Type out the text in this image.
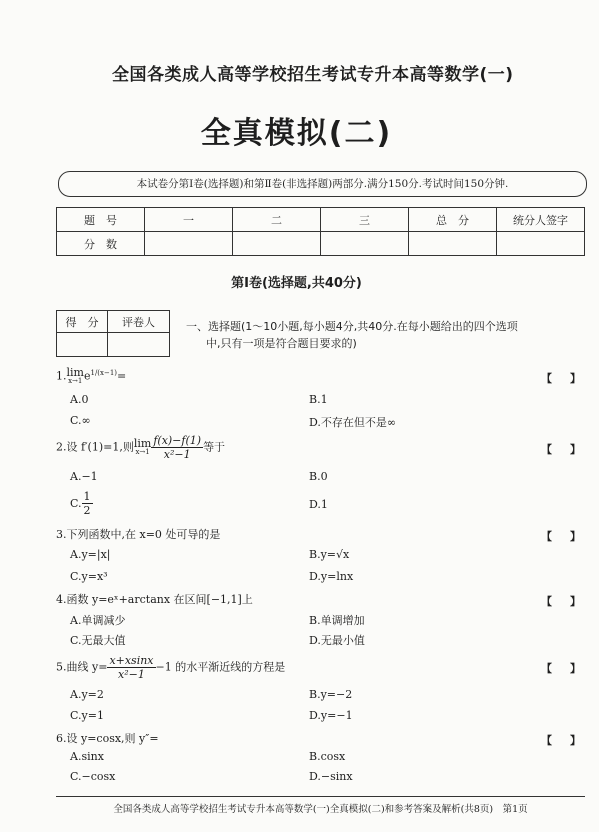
全国各类成人高等学校招生考试专升本高等数学(一)
全真模拟(二)
本试卷分第Ⅰ卷(选择题)和第Ⅱ卷(非选择题)两部分.满分150分.考试时间150分钟.
题　号	一	二	三	总　分	统分人签字
分　数					
第Ⅰ卷(选择题,共40分)
得　分	评卷人
		一、选择题(1～10小题,每小题4分,共40分.在每小题给出的四个选项
中,只有一项是符合题目要求的)
1.lim
x→1 $e^{1/(x-1)}=$	【】
A.0	B.1
C.∞	D.不存在但不是∞
2.设 f′(1)=1,则lim
$x\to 1 \frac{f(x)-f(1)}{\text{x²−1}}$ 等于	【】
A.−1	B.0
C. $\frac{1}{2}$	D.1
3.下列函数中,在 x=0 处可导的是	【】
A.y=|x|	B.y=√x
C.y=x³	D.y=lnx
4.函数 y=eˣ+arctanx 在区间[−1,1]上	【】
A.单调减少	B.单调增加
C.无最大值	D.无最小值
5.曲线 $y= \frac{x+xsinx}{\text{x²−1}} -1$ 的水平渐近线的方程是	【】
A.y=2	B.y=−2
C.y=1	D.y=−1
6.设 y=cosx,则 y″=	【】
A.sinx	B.cosx
C.−cosx	D.−sinx
全国各类成人高等学校招生考试专升本高等数学(一)全真模拟(二)和参考答案及解析(共8页)　第1页
